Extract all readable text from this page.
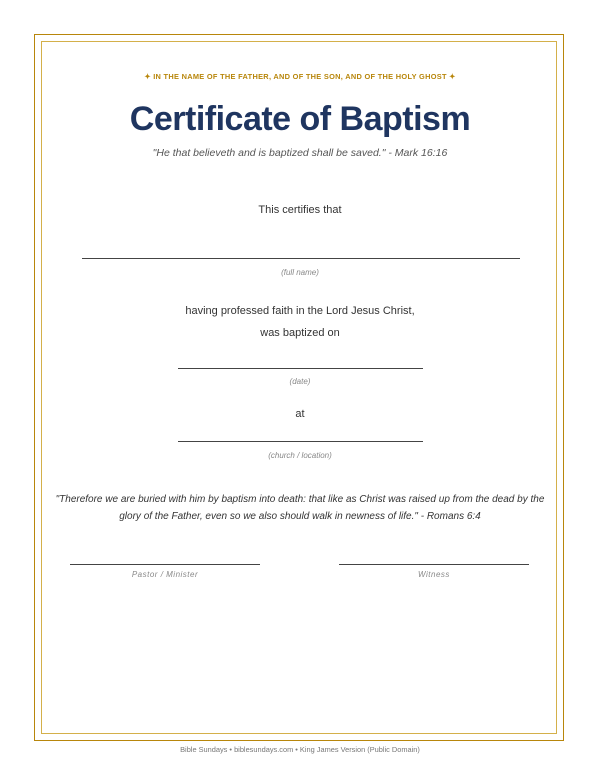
✦ IN THE NAME OF THE FATHER, AND OF THE SON, AND OF THE HOLY GHOST ✦
Certificate of Baptism
"He that believeth and is baptized shall be saved." - Mark 16:16
This certifies that
(full name)
having professed faith in the Lord Jesus Christ,
was baptized on
(date)
at
(church / location)
"Therefore we are buried with him by baptism into death: that like as Christ was raised up from the dead by the glory of the Father, even so we also should walk in newness of life." - Romans 6:4
Pastor / Minister	Witness
Bible Sundays • biblesundays.com • King James Version (Public Domain)
